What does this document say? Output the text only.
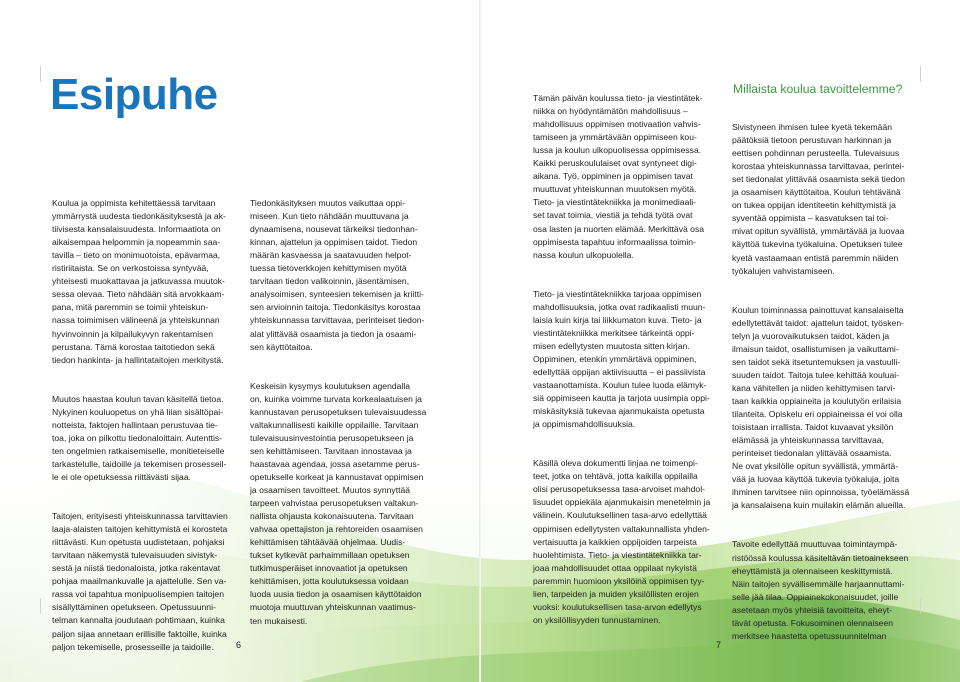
Esipuhe

Koulua ja oppimista kehitettäessä tarvitaan
ymmärrystä uudesta tiedonkäsityksestä ja ak-
tiivisesta kansalaisuudesta. Informaatiota on
aikaisempaa helpommin ja nopeammin saa-
tavilla – tieto on monimuotoista, epävarmaa,
ristiriitaista. Se on verkostoissa syntyvää,
yhteisesti muokattavaa ja jatkuvassa muutok-
sessa olevaa. Tieto nähdään sitä arvokkaam-
pana, mitä paremmin se toimii yhteiskun-
nassa toimimisen välineenä ja yhteiskunnan
hyvinvoinnin ja kilpailukyvyn rakentamisen
perustana. Tämä korostaa taitotiedon sekä
tiedon hankinta- ja hallintataitojen merkitystä.

Muutos haastaa koulun tavan käsitellä tietoa.
Nykyinen kouluopetus on yhä liian sisältöpai-
notteista, faktojen hallintaan perustuvaa tie-
toa, joka on pilkottu tiedonaloittain. Autenttis-
ten ongelmien ratkaisemiselle, monitieteiselle
tarkastelulle, taidoille ja tekemisen prosesseil-
le ei ole opetuksessa riittävästi sijaa.

Taitojen, erityisesti yhteiskunnassa tarvittavien
laaja-alaisten taitojen kehittymistä ei korosteta
riittävästi. Kun opetusta uudistetaan, pohjaksi
tarvitaan näkemystä tulevaisuuden sivistyk-
sestä ja niistä tiedonaloista, jotka rakentavat
pohjaa maailmankuvalle ja ajattelulle. Sen va-
rassa voi tapahtua monipuolisempien taitojen
sisällyttäminen opetukseen. Opetussuunni-
telman kannalta joudutaan pohtimaan, kuinka
paljon sijaa annetaan erillisille faktoille, kuinka
paljon tekemiselle, prosesseille ja taidoille.

Tiedonkäsityksen muutos vaikuttaa oppi-
miseen. Kun tieto nähdään muuttuvana ja
dynaamisena, nousevat tärkeiksi tiedonhan-
kinnan, ajattelun ja oppimisen taidot. Tiedon
määrän kasvaessa ja saatavuuden helpot-
tuessa tietoverkkojen kehittymisen myötä
tarvitaan tiedon valikoinnin, jäsentämisen,
analysoimisen, synteesien tekemisen ja kriitti-
sen arvioinnin taitoja. Tiedonkäsitys korostaa
yhteiskunnassa tarvittavaa, perinteiset tiedon-
alat ylittävää osaamista ja tiedon ja osaami-
sen käyttötaitoa.

Keskeisin kysymys koulutuksen agendalla
on, kuinka voimme turvata korkealaatuisen ja
kannustavan perusopetuksen tulevaisuudessa
valtakunnallisesti kaikille oppilaille. Tarvitaan
tulevaisuusinvestointia perusopetukseen ja
sen kehittämiseen. Tarvitaan innostavaa ja
haastavaa agendaa, jossa asetamme perus-
opetukselle korkeat ja kannustavat oppimisen
ja osaamisen tavoitteet. Muutos synnyttää
tarpeen vahvistaa perusopetuksen valtakun-
nallista ohjausta kokonaisuutena. Tarvitaan
vahvaa opettajiston ja rehtoreiden osaamisen
kehittämisen tähtäävää ohjelmaa. Uudis-
tukset kytkevät parhaimmillaan opetuksen
tutkimusperäiset innovaatiot ja opetuksen
kehittämisen, jotta koulutuksessa voidaan
luoda uusia tiedon ja osaamisen käyttötaidon
muotoja muuttuvan yhteiskunnan vaatimus-
ten mukaisesti.

6

Tämän päivän koulussa tieto- ja viestintätek-
niikka on hyödyntämätön mahdollisuus –
mahdollisuus oppimisen motivaation vahvis-
tamiseen ja ymmärtävään oppimiseen kou-
lussa ja koulun ulkopuolisessa oppimisessa.
Kaikki peruskoululaiset ovat syntyneet digi-
aikana. Työ, oppiminen ja oppimisen tavat
muuttuvat yhteiskunnan muutoksen myötä.
Tieto- ja viestintätekniikka ja monimediaali-
set tavat toimia, viestiä ja tehdä työtä ovat
osa lasten ja nuorten elämää. Merkittävä osa
oppimisesta tapahtuu informaalissa toimin-
nassa koulun ulkopuolella.

Tieto- ja viestintätekniikka tarjoaa oppimisen
mahdollisuuksia, jotka ovat radikaalisti muun-
laisia kuin kirja tai liikkumaton kuva. Tieto- ja
viestintätekniikka merkitsee tärkeintä oppi-
misen edellytysten muutosta sitten kirjan.
Oppiminen, etenkin ymmärtävä oppiminen,
edellyttää oppijan aktiivisuutta – ei passiivista
vastaanottamista. Koulun tulee luoda elämyk-
siä oppimiseen kautta ja tarjota uusimpia oppi-
miskäsityksiä tukevaa ajanmukaista opetusta
ja oppimismahdollisuuksia.

Käsillä oleva dokumentti linjaa ne toimenpi-
teet, jotka on tehtävä, jotta kaikilla oppilailla
olisi perusopetuksessa tasa-arvoiset mahdol-
lisuudet oppiekäla ajanmukaisin menetelmin ja
välinein. Koulutuksellinen tasa-arvo edellyttää
oppimisen edellytysten valtakunnallista yhden-
vertaisuutta ja kaikkien oppijoiden tarpeista
huolehtimista. Tieto- ja viestintätekniikka tar-
joaa mahdollisuudet ottaa oppilaat nykyistä
paremmin huomioon yksilöinä oppimisen tyy-
lien, tarpeiden ja muiden yksilöllisten erojen
vuoksi: koulutuksellisen tasa-arvon edellytys
on yksilöllisyyden tunnustaminen.

Millaista koulua tavoittelemme?

Sivistyneen ihmisen tulee kyetä tekemään
päätöksiä tietoon perustuvan harkinnan ja
eettisen pohdinnan perusteella. Tulevaisuus
korostaa yhteiskunnassa tarvittavaa, perintei-
set tiedonalat ylittävää osaamista sekä tiedon
ja osaamisen käyttötaitoa. Koulun tehtävänä
on tukea oppijan identiteetin kehittymistä ja
syventää oppimista – kasvatuksen tai toi-
mivat opitun syvällistä, ymmärtävää ja luovaa
käyttöä tukevina työkaluina. Opetuksen tulee
kyetä vastaamaan entistä paremmin näiden
työkalujen vahvistamiseen.

Koulun toiminnassa painottuvat kansalaiselta
edellytettävät taidot: ajattelun taidot, työsken-
telyn ja vuorovaikutuksen taidot, käden ja
ilmaisun taidot, osallistumisen ja vaikuttami-
sen taidot sekä itsetuntemuksen ja vastuulli-
suuden taidot. Taitoja tulee kehittää kouluai-
kana vähitellen ja niiden kehittymisen tarvi-
taan kaikkia oppiaineita ja koulutyön erilaisia
tilanteita. Opiskelu eri oppiaineissa ei voi olla
toisistaan irrallista. Taidot kuvaavat yksilön
elämässä ja yhteiskunnassa tarvittavaa,
perinteiset tiedonalan ylittävää osaamista.
Ne ovat yksilölle opitun syvällistä, ymmärtä-
vää ja luovaa käyttöä tukevia työkaluja, joita
ihminen tarvitsee niin opinnoissa, työelämässä
ja kansalaisena kuin muilakin elämän alueilla.

Tavoite edellyttää muuttuvaa toimintaympä-
ristöössä koulussa käsiteltävän tietoainekseen
eheyttämistä ja olennaiseen keskittymistä.
Näin taitojen syvällisemmälle harjaannuttami-
selle jää tilaa. Oppiainekokonaisuudet, joille
asetetaan myös yhteisiä tavoitteita, eheyt-
tävät opetusta. Fokusoiminen olennaiseen
merkitsee haastetta opetussuunnitelman

7
